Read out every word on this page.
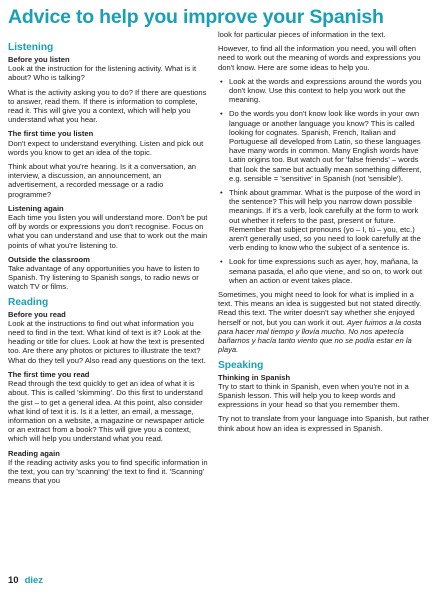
Advice to help you improve your Spanish
Listening
Before you listen

Look at the instruction for the listening activity. What is it about? Who is talking?

What is the activity asking you to do? If there are questions to answer, read them. If there is information to complete, read it. This will give you a context, which will help you understand what you hear.

The first time you listen

Don't expect to understand everything. Listen and pick out words you know to get an idea of the topic.

Think about what you're hearing. Is it a conversation, an interview, a discussion, an announcement, an advertisement, a recorded message or a radio programme?

Listening again

Each time you listen you will understand more. Don't be put off by words or expressions you don't recognise. Focus on what you can understand and use that to work out the main points of what you're listening to.

Outside the classroom

Take advantage of any opportunities you have to listen to Spanish. Try listening to Spanish songs, to radio news or watch TV or films.

Reading
Before you read

Look at the instructions to find out what information you need to find in the text. What kind of text is it? Look at the heading or title for clues. Look at how the text is presented too. Are there any photos or pictures to illustrate the text? What do they tell you? Also read any questions on the text.

The first time you read

Read through the text quickly to get an idea of what it is about. This is called 'skimming'. Do this first to understand the gist – to get a general idea. At this point, also consider what kind of text it is. Is it a letter, an email, a message, information on a website, a magazine or newspaper article or an extract from a book? This will give you a context, which will help you understand what you read.

Reading again

If the reading activity asks you to find specific information in the text, you can try 'scanning' the text to find it. 'Scanning' means that you

look for particular pieces of information in the text.

However, to find all the information you need, you will often need to work out the meaning of words and expressions you don't know. Here are some ideas to help you.

• Look at the words and expressions around the words you don't know. Use this context to help you work out the meaning.
• Do the words you don't know look like words in your own language or another language you know? This is called looking for cognates. Spanish, French, Italian and Portuguese all developed from Latin, so these languages have many words in common. Many English words have Latin origins too. But watch out for 'false friends' – words that look the same but actually mean something different, e.g. sensible = 'sensitive' in Spanish (not 'sensible').
• Think about grammar. What is the purpose of the word in the sentence? This will help you narrow down possible meanings. If it's a verb, look carefully at the form to work out whether it refers to the past, present or future. Remember that subject pronouns (yo – I, tú – you, etc.) aren't generally used, so you need to look carefully at the verb ending to know who the subject of a sentence is.
• Look for time expressions such as ayer, hoy, mañana, la semana pasada, el año que viene, and so on, to work out when an action or event takes place.

Sometimes, you might need to look for what is implied in a text. This means an idea is suggested but not stated directly. Read this text. The writer doesn't say whether she enjoyed herself or not, but you can work it out. Ayer fuimos a la costa para hacer mal tiempo y llovía mucho. No nos apetecía bañarnos y hacía tanto viento que no se podía estar en la playa.

Speaking
Thinking in Spanish

Try to start to think in Spanish, even when you're not in a Spanish lesson. This will help you to keep words and expressions in your head so that you remember them.

Try not to translate from your language into Spanish, but rather think about how an idea is expressed in Spanish.

10 diez
